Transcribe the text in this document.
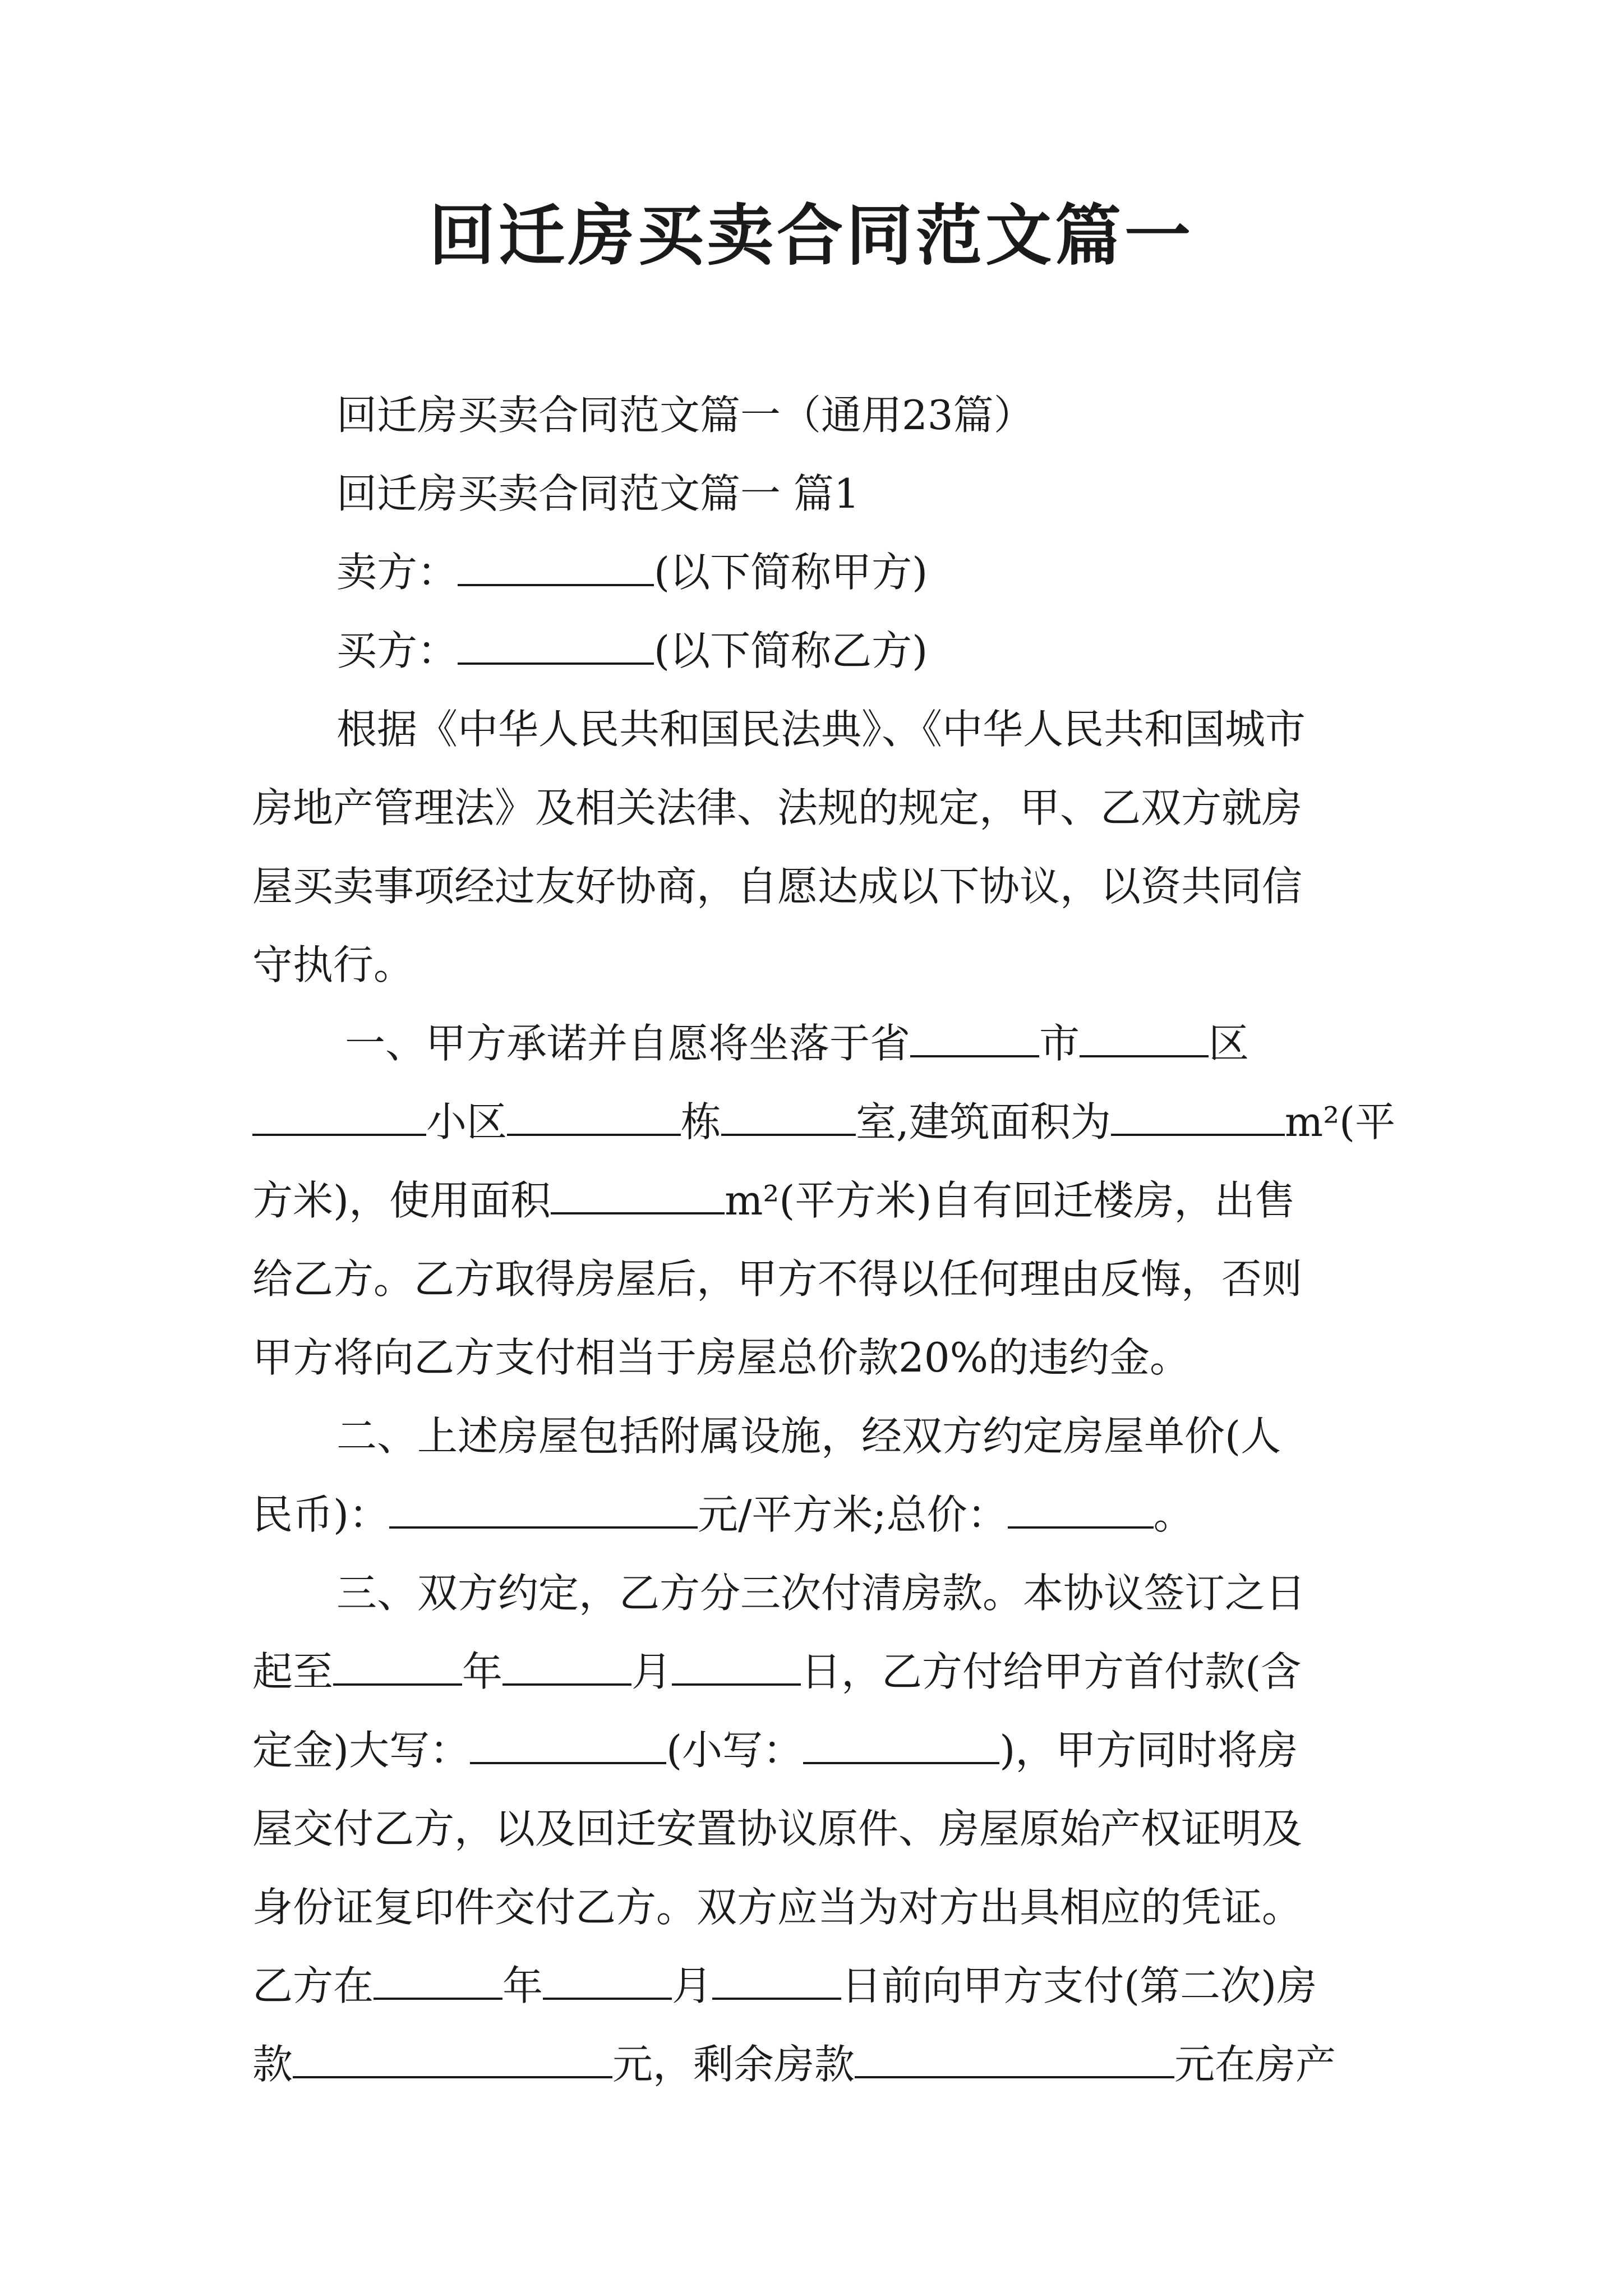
回迁房买卖合同范文篇一

回迁房买卖合同范文篇一（通用23篇）

回迁房买卖合同范文篇一 篇1

卖方：	(以下简称甲方)

买方：	(以下简称乙方)

根据《中华人民共和国民法典》、《中华人民共和国城市

房地产管理法》及相关法律、法规的规定，甲、乙双方就房

屋买卖事项经过友好协商，自愿达成以下协议，以资共同信

守执行。

一、甲方承诺并自愿将坐落于省	市	区

小区	栋	室,建筑面积为	m²(平

方米)，使用面积	m²(平方米)自有回迁楼房，出售

给乙方。乙方取得房屋后，甲方不得以任何理由反悔，否则

甲方将向乙方支付相当于房屋总价款20%的违约金。

二、上述房屋包括附属设施，经双方约定房屋单价(人

民币)：	元/平方米;总价：	。

三、双方约定，乙方分三次付清房款。本协议签订之日

起至	年	月	日，乙方付给甲方首付款(含

定金)大写：	(小写：	)，甲方同时将房

屋交付乙方，以及回迁安置协议原件、房屋原始产权证明及

身份证复印件交付乙方。双方应当为对方出具相应的凭证。

乙方在	年	月	日前向甲方支付(第二次)房

款	元，剩余房款	元在房产
